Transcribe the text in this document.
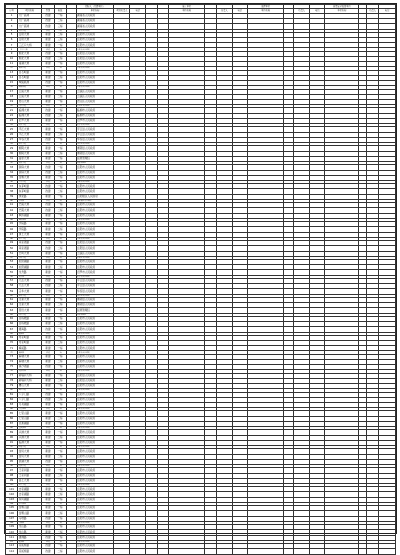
					招标人（代建单位）					施工单位				监理单位				质量安全监督单位			
序号	项目名称	类别	标段		单位名称	项目负责人	电话			单位名称		负责人	电话	单位名称		负责人	电话	单位名称		负责人	电话
1	大广高速	改建	一标		湖南省人民政府																
2	大广高速	改建	二标		湖南省人民政府																
3	大广高速	改建	三标		湖南省人民政府																
4	岳阳大道	新建	一标		岳阳市人民政府																
5	岳阳大道	新建	二标		岳阳市人民政府																
6	岳阳大道	新建	三标		岳阳市人民政府																
7	三江口大桥	新建	一标		岳阳市人民政府																
8	三江口大桥	新建	二标		岳阳市人民政府																
9	湘北大道	改建	一标		岳阳县人民政府																
10	湘北大道	改建	二标		岳阳县人民政府																
11	南湖大道	新建	一标		岳阳市人民政府																
12	南湖大道	新建	二标		岳阳市人民政府																
13	白石岭路	新建	一标		岳阳市人民政府																
14	白石岭路	新建	二标		岳阳市人民政府																
15	城陵矶港	改建	一标		岳阳市人民政府																
16	城陵矶港	改建	二标		岳阳市人民政府																
17	云溪大道	新建	一标		云溪区人民政府																
18	云溪大道	新建	二标		云溪区人民政府																
19	君山大道	新建	一标		君山区人民政府																
20	君山大道	新建	二标		君山区人民政府																
21	临湘大道	改建	一标		临湘市人民政府																
22	临湘大道	改建	二标		临湘市人民政府																
23	汨罗大道	新建	一标		汨罗市人民政府																
24	汨罗大道	新建	二标		汨罗市人民政府																
25	平江大道	新建	一标		平江县人民政府																
26	平江大道	新建	二标		平江县人民政府																
27	华容大道	改建	一标		华容县人民政府																
28	华容大道	改建	二标		华容县人民政府																
29	湘阴大道	新建	一标		湘阴县人民政府																
30	湘阴大道	新建	二标		湘阴县人民政府																
31	屈原大道	新建	一标		屈原管理区																
32	屈原大道	新建	二标		屈原管理区																
33	洞庭大道	改建	一标		岳阳市人民政府																
34	洞庭大道	改建	二标		岳阳市人民政府																
35	金鹗大道	新建	一标		岳阳市人民政府																
36	金鹗大道	新建	二标		岳阳市人民政府																
37	东茅岭路	改建	一标		岳阳市人民政府																
38	东茅岭路	改建	二标		岳阳市人民政府																
39	求索路	新建	一标		岳阳楼区人民政府																
40	求索路	新建	二标		岳阳楼区人民政府																
41	巴陵大道	改建	一标		岳阳市人民政府																
42	巴陵大道	改建	二标		岳阳市人民政府																
43	枫桥湖路	新建	一标		岳阳市人民政府																
44	枫桥湖路	新建	二标		岳阳市人民政府																
45	学院路	新建	一标		岳阳市人民政府																
46	学院路	新建	二标		岳阳市人民政府																
47	康王大道	新建	一标		岳阳市人民政府																
48	康王大道	新建	二标		岳阳市人民政府																
49	荣家湾路	改建	一标		岳阳县人民政府																
50	荣家湾路	改建	二标		岳阳县人民政府																
51	长岭大道	新建	一标		云溪区人民政府																
52	长岭大道	新建	二标		云溪区人民政府																
53	松阳湖路	新建	一标		岳阳市人民政府																
54	松阳湖路	新建	二标		岳阳市人民政府																
55	龙舟路	新建	一标		汨罗市人民政府																
56	龙舟路	新建	二标		汨罗市人民政府																
57	天岳大道	改建	一标		平江县人民政府																
58	天岳大道	改建	二标		平江县人民政府																
59	章华大道	新建	一标		华容县人民政府																
60	章华大道	新建	二标		华容县人民政府																
61	文星大道	新建	一标		湘阴县人民政府																
62	文星大道	新建	二标		湘阴县人民政府																
63	营田大道	新建	一标		屈原管理区																
64	营田大道	新建	二标		屈原管理区																
65	白杨坡路	新建	一标		岳阳市人民政府																
66	白杨坡路	新建	二标		岳阳市人民政府																
67	通海路	改建	一标		岳阳市人民政府																
68	通海路	改建	二标		岳阳市人民政府																
69	奇家岭路	新建	一标		岳阳市人民政府																
70	奇家岭路	新建	二标		岳阳市人民政府																
71	梅溪路	新建	一标		岳阳市人民政府																
72	梅溪路	新建	二标		岳阳市人民政府																
73	麻塘大道	新建	一标		岳阳市人民政府																
74	麻塘大道	新建	二标		岳阳市人民政府																
75	黄沙湾路	改建	一标		岳阳市人民政府																
76	黄沙湾路	改建	二标		岳阳市人民政府																
77	新墙河大桥	新建	一标		岳阳县人民政府																
78	新墙河大桥	新建	二标		岳阳县人民政府																
79	鹰山大道	新建	一标		岳阳市人民政府																
80	鹰山大道	新建	二标		岳阳市人民政府																
81	八字门路	改建	一标		岳阳市人民政府																
82	八字门路	改建	二标		岳阳市人民政府																
83	月亮湖路	新建	一标		岳阳市人民政府																
84	月亮湖路	新建	二标		岳阳市人民政府																
85	七里山路	新建	一标		岳阳市人民政府																
86	七里山路	新建	二标		岳阳市人民政府																
87	芭蕉湖路	新建	一标		岳阳市人民政府																
88	芭蕉湖路	新建	二标		岳阳市人民政府																
89	兴港大道	新建	一标		岳阳市人民政府																
90	兴港大道	新建	二标		岳阳市人民政府																
91	临港大道	新建	一标		岳阳市人民政府																
92	临港大道	新建	二标		岳阳市人民政府																
93	金凤大道	新建	一标		岳阳市人民政府																
94	金凤大道	新建	二标		岳阳市人民政府																
95	滨湖大道	改建	一标		岳阳市人民政府																
96	滨湖大道	改建	二标		岳阳市人民政府																
97	王家河路	新建	一标		岳阳市人民政府																
98	王家河路	新建	二标		岳阳市人民政府																
99	洛王大道	新建	一标		岳阳市人民政府																
100	洛王大道	新建	二标		岳阳市人民政府																
101	吉家湖路	新建	一标		岳阳市人民政府																
102	吉家湖路	新建	二标		岳阳市人民政府																
103	东风湖路	新建	一标		岳阳市人民政府																
104	东风湖路	新建	二标		岳阳市人民政府																
105	金鹗山路	新建	一标		岳阳市人民政府																
106	金鹗山路	新建	二标		岳阳市人民政府																
107	马壕路	改建	一标		岳阳市人民政府																
108	马壕路	改建	二标		岳阳市人民政府																
109	龙山路	新建	一标		岳阳市人民政府																
110	龙山路	新建	二标		岳阳市人民政府																
111	建湘路	改建	一标		岳阳市人民政府																
112	建湘路	改建	二标		岳阳市人民政府																
113	花板桥路	改建	一标		岳阳市人民政府																
114	花板桥路	改建	二标		岳阳市人民政府																
